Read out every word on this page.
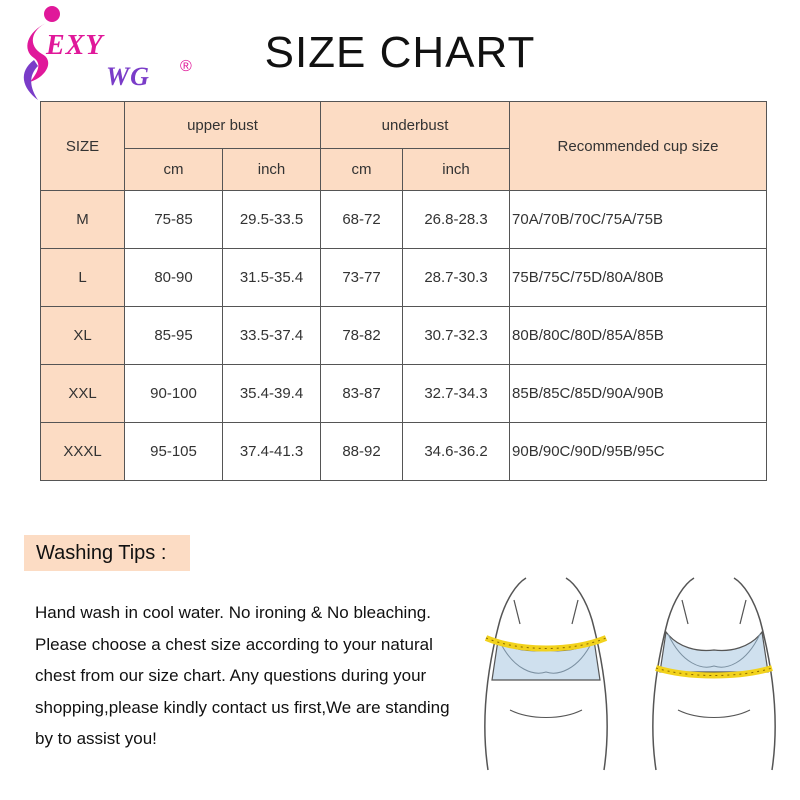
EXY
WG ®	SIZE CHART
SIZE	upper bust		underbust		Recommended cup size
	cm	inch	cm	inch	
M	75-85	29.5-33.5	68-72	26.8-28.3	70A/70B/70C/75A/75B
L	80-90	31.5-35.4	73-77	28.7-30.3	75B/75C/75D/80A/80B
XL	85-95	33.5-37.4	78-82	30.7-32.3	80B/80C/80D/85A/85B
XXL	90-100	35.4-39.4	83-87	32.7-34.3	85B/85C/85D/90A/90B
XXXL	95-105	37.4-41.3	88-92	34.6-36.2	90B/90C/90D/95B/95C
Washing Tips :
Hand wash in cool water. No ironing & No bleaching.
Please choose a chest size according to your natural
chest from our size chart. Any questions during your
shopping,please kindly contact us first,We are standing
by to assist you!
